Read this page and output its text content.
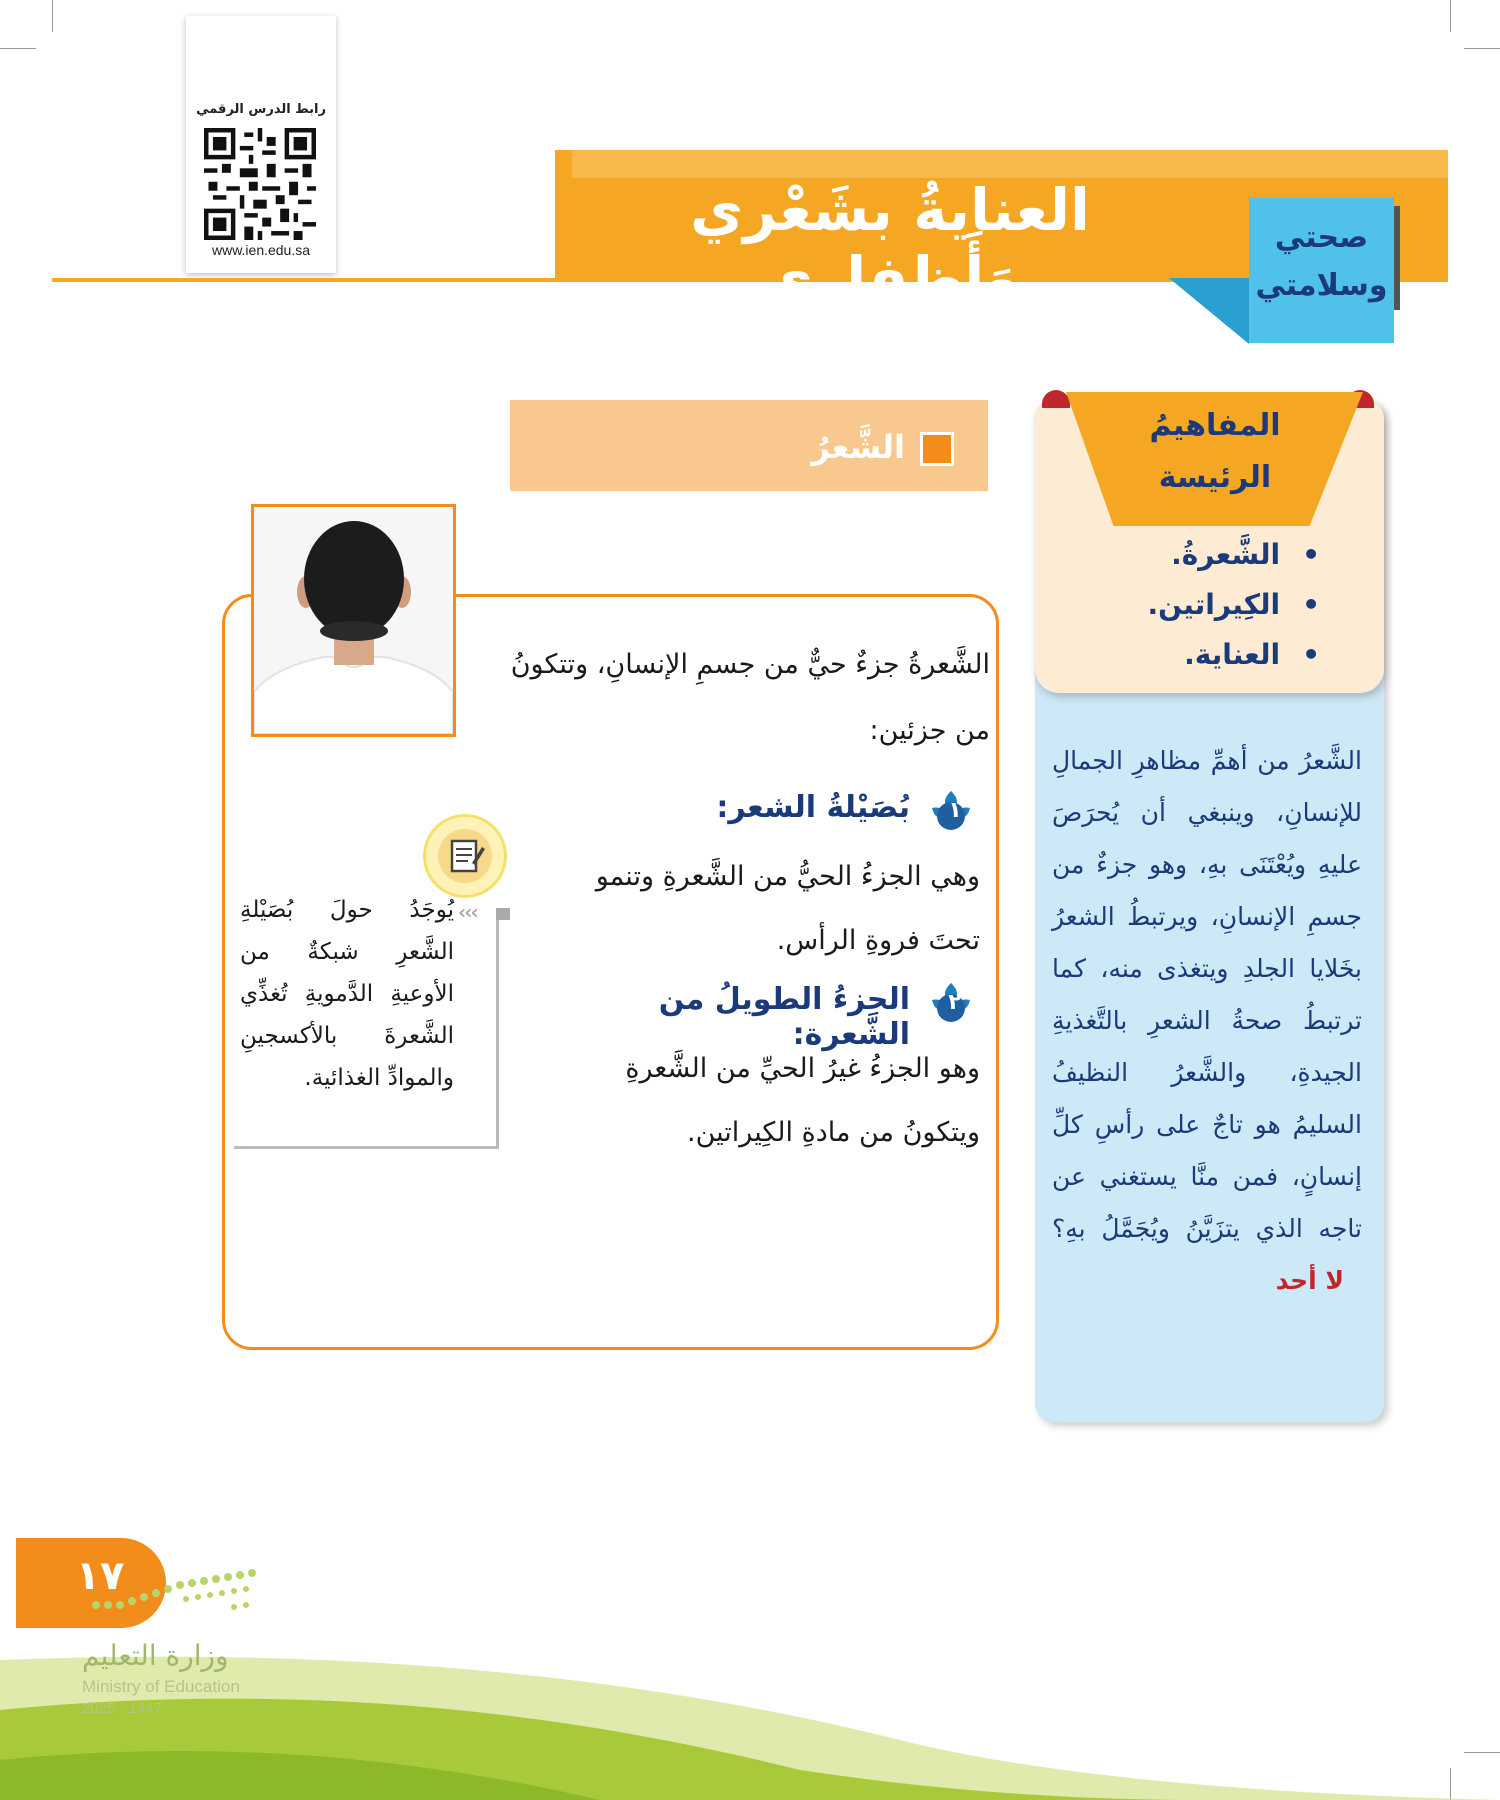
رابط الدرس الرقمي
www.ien.edu.sa
العنايةُ بشَعْري وَأَظفاري
صحتي
وسلامتي
المفاهيمُ
الرئيسة
• الشَّعرةُ.
• الكِيراتين.
• العناية.
الشَّعرُ من أهمِّ مظاهرِ الجمالِ للإنسانِ، وينبغي أن يُحرَصَ عليهِ ويُعْتَنَى بهِ، وهو جزءٌ من جسمِ الإنسانِ، ويرتبطُ الشعرُ بخَلايا الجلدِ ويتغذى منه، كما ترتبطُ صحةُ الشعرِ بالتَّغذيةِ الجيدةِ، والشَّعرُ النظيفُ السليمُ هو تاجٌ على رأسِ كلِّ إنسانٍ، فمن منَّا يستغني عن تاجه الذي يتزَيَّنُ ويُجَمَّلُ بهِ؟لا أحد
الشَّعرُ
الشَّعرةُ جزءٌ حيٌّ من جسمِ الإنسانِ، وتتكونُ من جزئين:
بُصَيْلةُ الشعر: ١
وهي الجزءُ الحيُّ من الشَّعرةِ وتنمو تحتَ فروةِ الرأس.
الجزءُ الطويلُ من الشَّعرة:
٢
وهو الجزءُ غيرُ الحيِّ من الشَّعرةِ ويتكونُ من مادةِ الكِيراتين.
‹‹‹
يُوجَدُ حولَ بُصَيْلةِ الشَّعرِ شبكةٌ من الأوعيةِ الدَّمويةِ تُغذِّي الشَّعرةَ بالأكسجينِ والموادِّ الغذائية.
١٧
وزارة التعليم
Ministry of Education
2025 - 1447
